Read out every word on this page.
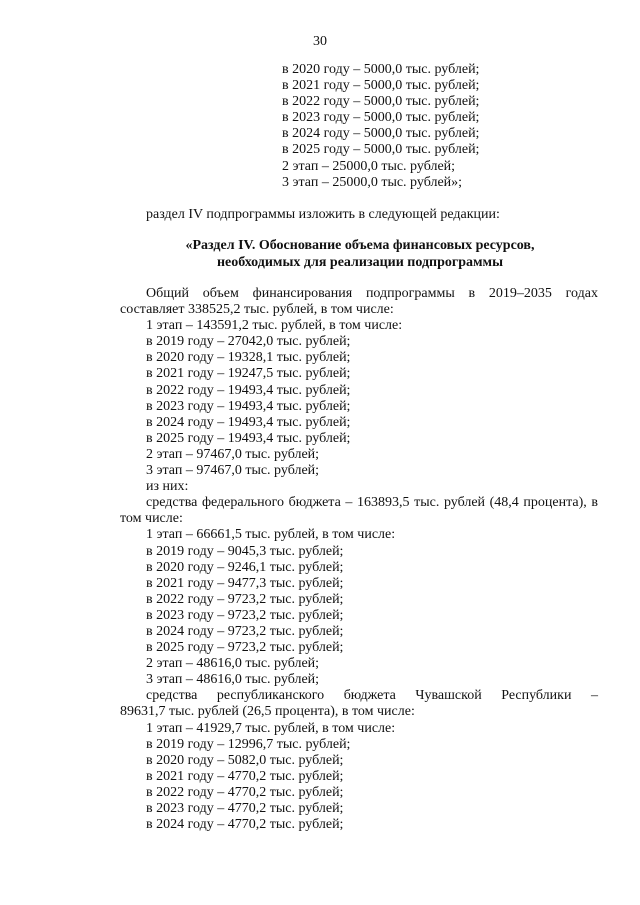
30
в 2020 году – 5000,0 тыс. рублей;
в 2021 году – 5000,0 тыс. рублей;
в 2022 году – 5000,0 тыс. рублей;
в 2023 году – 5000,0 тыс. рублей;
в 2024 году – 5000,0 тыс. рублей;
в 2025 году – 5000,0 тыс. рублей;
2 этап – 25000,0 тыс. рублей;
3 этап – 25000,0 тыс. рублей»;
раздел IV подпрограммы изложить в следующей редакции:
«Раздел IV. Обоснование объема финансовых ресурсов,
необходимых для реализации подпрограммы
Общий объем финансирования подпрограммы в 2019–2035 годах составляет 338525,2 тыс. рублей, в том числе:
1 этап – 143591,2 тыс. рублей, в том числе:
в 2019 году – 27042,0 тыс. рублей;
в 2020 году – 19328,1 тыс. рублей;
в 2021 году – 19247,5 тыс. рублей;
в 2022 году – 19493,4 тыс. рублей;
в 2023 году – 19493,4 тыс. рублей;
в 2024 году – 19493,4 тыс. рублей;
в 2025 году – 19493,4 тыс. рублей;
2 этап – 97467,0 тыс. рублей;
3 этап – 97467,0 тыс. рублей;
из них:
средства федерального бюджета – 163893,5 тыс. рублей (48,4 процента), в том числе:
1 этап – 66661,5 тыс. рублей, в том числе:
в 2019 году – 9045,3 тыс. рублей;
в 2020 году – 9246,1 тыс. рублей;
в 2021 году – 9477,3 тыс. рублей;
в 2022 году – 9723,2 тыс. рублей;
в 2023 году – 9723,2 тыс. рублей;
в 2024 году – 9723,2 тыс. рублей;
в 2025 году – 9723,2 тыс. рублей;
2 этап – 48616,0 тыс. рублей;
3 этап – 48616,0 тыс. рублей;
средства республиканского бюджета Чувашской Республики –
89631,7 тыс. рублей (26,5 процента), в том числе:
1 этап – 41929,7 тыс. рублей, в том числе:
в 2019 году – 12996,7 тыс. рублей;
в 2020 году – 5082,0 тыс. рублей;
в 2021 году – 4770,2 тыс. рублей;
в 2022 году – 4770,2 тыс. рублей;
в 2023 году – 4770,2 тыс. рублей;
в 2024 году – 4770,2 тыс. рублей;
